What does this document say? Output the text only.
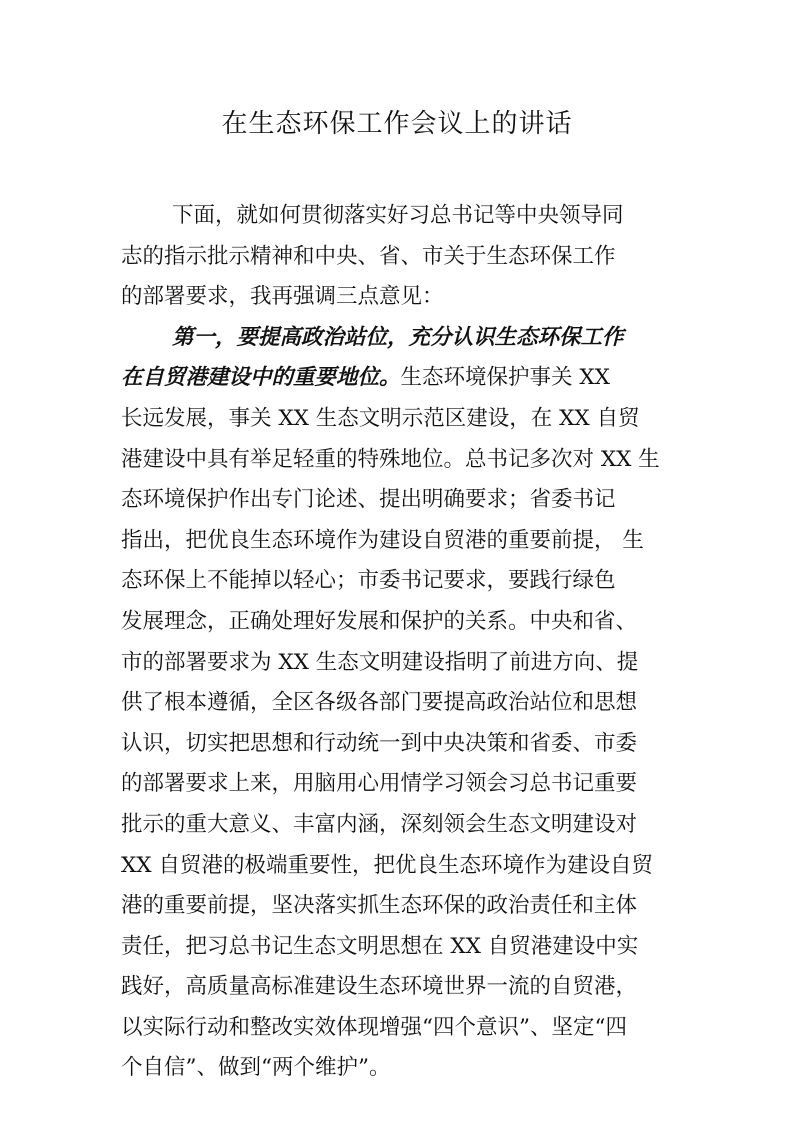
在生态环保工作会议上的讲话
下面，就如何贯彻落实好习总书记等中央领导同
志的指示批示精神和中央、省、市关于生态环保工作
的部署要求，我再强调三点意见：
第一，要提高政治站位，充分认识生态环保工作
在自贸港建设中的重要地位。生态环境保护事关 XX
长远发展，事关 XX 生态文明示范区建设，在 XX 自贸
港建设中具有举足轻重的特殊地位。总书记多次对 XX 生
态环境保护作出专门论述、提出明确要求；省委书记
指出，把优良生态环境作为建设自贸港的重要前提， 生
态环保上不能掉以轻心；市委书记要求，要践行绿色
发展理念，正确处理好发展和保护的关系。中央和省、
市的部署要求为 XX 生态文明建设指明了前进方向、提
供了根本遵循，全区各级各部门要提高政治站位和思想
认识，切实把思想和行动统一到中央决策和省委、市委
的部署要求上来，用脑用心用情学习领会习总书记重要
批示的重大意义、丰富内涵，深刻领会生态文明建设对
XX 自贸港的极端重要性，把优良生态环境作为建设自贸
港的重要前提，坚决落实抓生态环保的政治责任和主体
责任，把习总书记生态文明思想在 XX 自贸港建设中实
践好，高质量高标准建设生态环境世界一流的自贸港，
以实际行动和整改实效体现增强“四个意识”、坚定“四
个自信”、做到“两个维护”。
